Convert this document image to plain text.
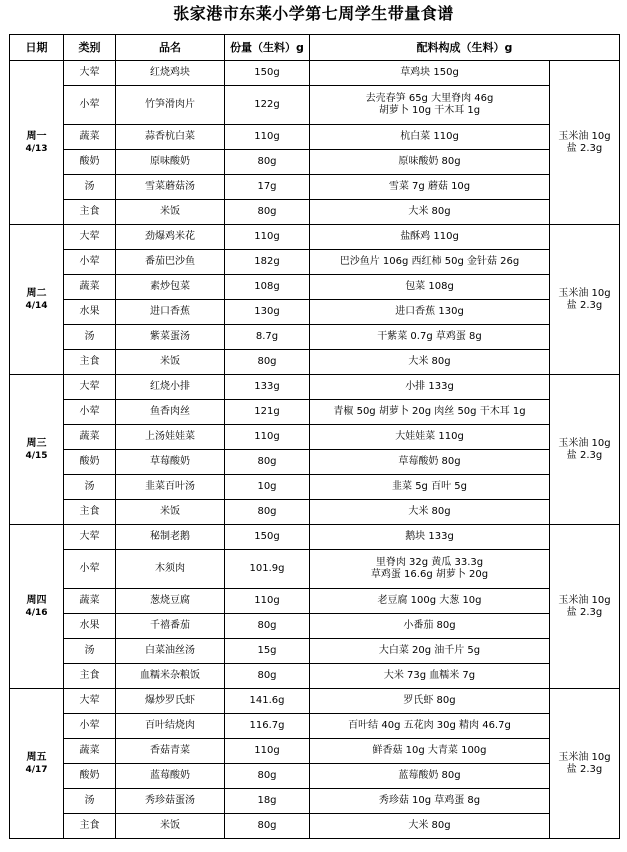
张家港市东莱小学第七周学生带量食谱
日期	类别	品名	份量（生料）g	配料构成（生料）g	

周一
4/13	大荤	红烧鸡块	150g	草鸡块 150g	玉米油 10g
盐 2.3g

	小荤	竹笋滑肉片	122g	去壳春笋 65g 大里脊肉 46g
胡萝卜 10g 干木耳 1g	

	蔬菜	蒜香杭白菜	110g	杭白菜 110g	

	酸奶	原味酸奶	80g	原味酸奶 80g	

	汤	雪菜蘑菇汤	17g	雪菜 7g 蘑菇 10g	

	主食	米饭	80g	大米 80g	

周二
4/14	大荤	劲爆鸡米花	110g	盐酥鸡 110g	玉米油 10g
盐 2.3g

	小荤	番茄巴沙鱼	182g	巴沙鱼片 106g 西红柿 50g 金针菇 26g	

	蔬菜	素炒包菜	108g	包菜 108g	

	水果	进口香蕉	130g	进口香蕉 130g	

	汤	紫菜蛋汤	8.7g	干紫菜 0.7g 草鸡蛋 8g	

	主食	米饭	80g	大米 80g	

周三
4/15	大荤	红烧小排	133g	小排 133g	玉米油 10g
盐 2.3g

	小荤	鱼香肉丝	121g	青椒 50g 胡萝卜 20g 肉丝 50g 干木耳 1g	

	蔬菜	上汤娃娃菜	110g	大娃娃菜 110g	

	酸奶	草莓酸奶	80g	草莓酸奶 80g	

	汤	韭菜百叶汤	10g	韭菜 5g 百叶 5g	

	主食	米饭	80g	大米 80g	

周四
4/16	大荤	秘制老鹅	150g	鹅块 133g	玉米油 10g
盐 2.3g

	小荤	木须肉	101.9g	里脊肉 32g 黄瓜 33.3g
草鸡蛋 16.6g 胡萝卜 20g	

	蔬菜	葱烧豆腐	110g	老豆腐 100g 大葱 10g	

	水果	千禧番茄	80g	小番茄 80g	

	汤	白菜油丝汤	15g	大白菜 20g 油千片 5g	

	主食	血糯米杂粮饭	80g	大米 73g 血糯米 7g	

周五
4/17	大荤	爆炒罗氏虾	141.6g	罗氏虾 80g	玉米油 10g
盐 2.3g

	小荤	百叶结烧肉	116.7g	百叶结 40g 五花肉 30g 精肉 46.7g	

	蔬菜	香菇青菜	110g	鲜香菇 10g 大青菜 100g	

	酸奶	蓝莓酸奶	80g	蓝莓酸奶 80g	

	汤	秀珍菇蛋汤	18g	秀珍菇 10g 草鸡蛋 8g	

	主食	米饭	80g	大米 80g	
